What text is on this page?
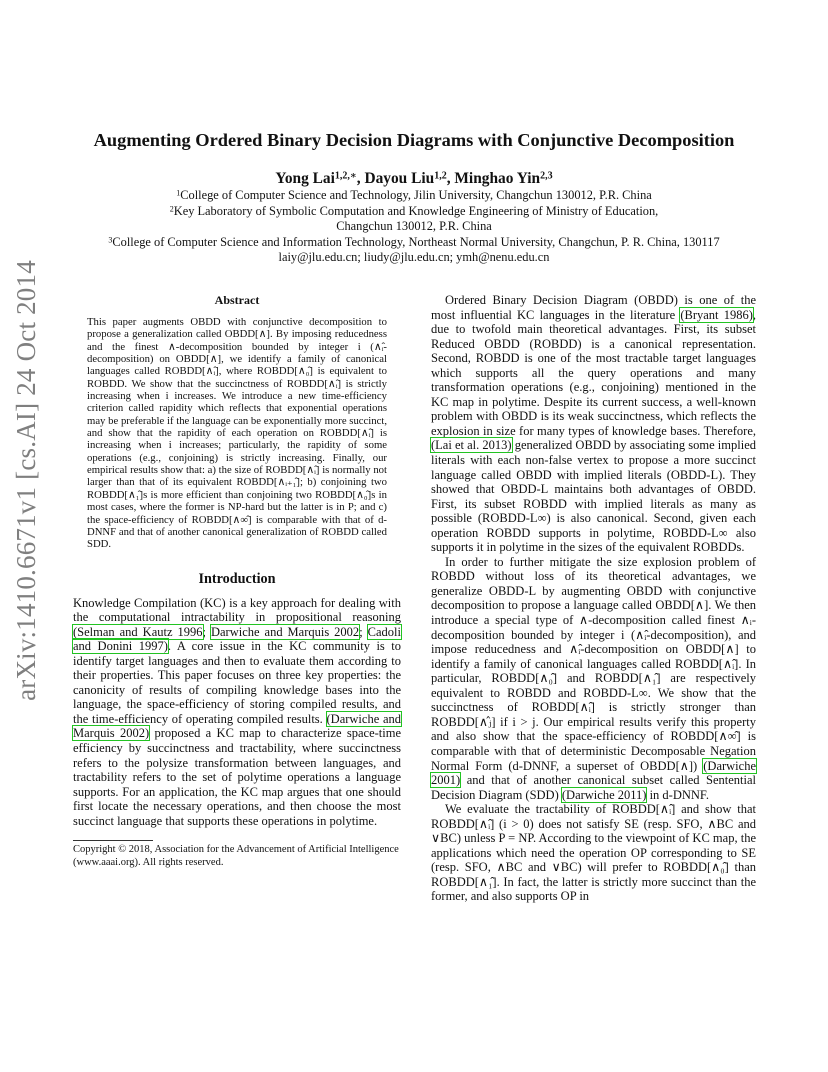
arXiv:1410.6671v1 [cs.AI] 24 Oct 2014
Augmenting Ordered Binary Decision Diagrams with Conjunctive Decomposition
Yong Lai$^{1,2,∗}$, Dayou Liu$^{1,2}$, Minghao Yin$^{2,3}$

$^1$College of Computer Science and Technology, Jilin University, Changchun 130012, P.R. China

$^2$Key Laboratory of Symbolic Computation and Knowledge Engineering of Ministry of Education,

Changchun 130012, P.R. China

$^3$College of Computer Science and Information Technology, Northeast Normal University, Changchun, P. R. China, 130117

laiy@jlu.edu.cn; liudy@jlu.edu.cn; ymh@nenu.edu.cn

Abstract

This paper augments OBDD with conjunctive decomposition to propose a generalization called OBDD[∧]. By imposing reducedness and the finest ∧-decomposition bounded by integer i (∧ᵢ̂-decomposition) on OBDD[∧], we identify a family of canonical languages called ROBDD[∧ᵢ̂], where ROBDD[∧₀̂] is equivalent to ROBDD. We show that the succinctness of ROBDD[∧ᵢ̂] is strictly increasing when i increases. We introduce a new time-efficiency criterion called rapidity which reflects that exponential operations may be preferable if the language can be exponentially more succinct, and show that the rapidity of each operation on ROBDD[∧ᵢ̂] is increasing when i increases; particularly, the rapidity of some operations (e.g., conjoining) is strictly increasing. Finally, our empirical results show that: a) the size of ROBDD[∧ᵢ̂] is normally not larger than that of its equivalent ROBDD[∧ᵢ₊₁̂]; b) conjoining two ROBDD[∧₁̂]s is more efficient than conjoining two ROBDD[∧₀̂]s in most cases, where the former is NP-hard but the latter is in P; and c) the space-efficiency of ROBDD[∧∞̂] is comparable with that of d-DNNF and that of another canonical generalization of ROBDD called SDD.

Introduction

Knowledge Compilation (KC) is a key approach for dealing with the computational intractability in propositional reasoning (Selman and Kautz 1996; Darwiche and Marquis 2002; Cadoli and Donini 1997). A core issue in the KC community is to identify target languages and then to evaluate them according to their properties. This paper focuses on three key properties: the canonicity of results of compiling knowledge bases into the language, the space-efficiency of storing compiled results, and the time-efficiency of operating compiled results. (Darwiche and Marquis 2002) proposed a KC map to characterize space-time efficiency by succinctness and tractability, where succinctness refers to the polysize transformation between languages, and tractability refers to the set of polytime operations a language supports. For an application, the KC map argues that one should first locate the necessary operations, and then choose the most succinct language that supports these operations in polytime.

Copyright © 2018, Association for the Advancement of Artificial Intelligence (www.aaai.org). All rights reserved.

Ordered Binary Decision Diagram (OBDD) is one of the most influential KC languages in the literature (Bryant 1986), due to twofold main theoretical advantages. First, its subset Reduced OBDD (ROBDD) is a canonical representation. Second, ROBDD is one of the most tractable target languages which supports all the query operations and many transformation operations (e.g., conjoining) mentioned in the KC map in polytime. Despite its current success, a well-known problem with OBDD is its weak succinctness, which reflects the explosion in size for many types of knowledge bases. Therefore, (Lai et al. 2013) generalized OBDD by associating some implied literals with each non-false vertex to propose a more succinct language called OBDD with implied literals (OBDD-L). They showed that OBDD-L maintains both advantages of OBDD. First, its subset ROBDD with implied literals as many as possible (ROBDD-L∞) is also canonical. Second, given each operation ROBDD supports in polytime, ROBDD-L∞ also supports it in polytime in the sizes of the equivalent ROBDDs.

In order to further mitigate the size explosion problem of ROBDD without loss of its theoretical advantages, we generalize OBDD-L by augmenting OBDD with conjunctive decomposition to propose a language called OBDD[∧]. We then introduce a special type of ∧-decomposition called finest ∧ᵢ-decomposition bounded by integer i (∧ᵢ̂-decomposition), and impose reducedness and ∧ᵢ̂-decomposition on OBDD[∧] to identify a family of canonical languages called ROBDD[∧ᵢ̂]. In particular, ROBDD[∧₀̂] and ROBDD[∧₁̂] are respectively equivalent to ROBDD and ROBDD-L∞. We show that the succinctness of ROBDD[∧ᵢ̂] is strictly stronger than ROBDD[∧ⱼ̂] if i > j. Our empirical results verify this property and also show that the space-efficiency of ROBDD[∧∞̂] is comparable with that of deterministic Decomposable Negation Normal Form (d-DNNF, a superset of OBDD[∧]) (Darwiche 2001) and that of another canonical subset called Sentential Decision Diagram (SDD) (Darwiche 2011) in d-DNNF.

We evaluate the tractability of ROBDD[∧ᵢ̂] and show that ROBDD[∧ᵢ̂] (i > 0) does not satisfy SE (resp. SFO, ∧BC and ∨BC) unless P = NP. According to the viewpoint of KC map, the applications which need the operation OP corresponding to SE (resp. SFO, ∧BC and ∨BC) will prefer to ROBDD[∧₀̂] than ROBDD[∧₁̂]. In fact, the latter is strictly more succinct than the former, and also supports OP in
